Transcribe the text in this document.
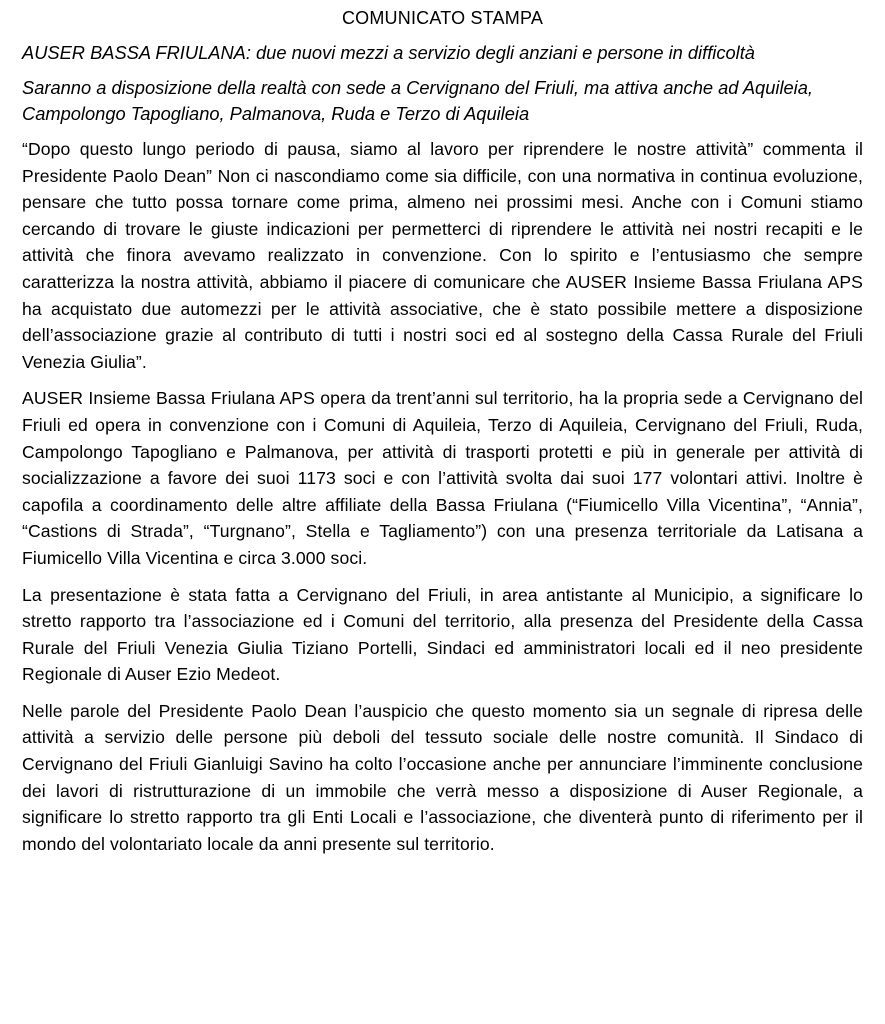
COMUNICATO STAMPA
AUSER BASSA FRIULANA: due nuovi mezzi a servizio degli anziani e persone in difficoltà
Saranno a disposizione della realtà con sede a Cervignano del Friuli, ma attiva anche ad Aquileia, Campolongo Tapogliano, Palmanova, Ruda e Terzo di Aquileia

“Dopo questo lungo periodo di pausa, siamo al lavoro per riprendere le nostre attività” commenta il Presidente Paolo Dean” Non ci nascondiamo come sia difficile, con una normativa in continua evoluzione, pensare che tutto possa tornare come prima, almeno nei prossimi mesi. Anche con i Comuni stiamo cercando di trovare le giuste indicazioni per permetterci di riprendere le attività nei nostri recapiti e le attività che finora avevamo realizzato in convenzione. Con lo spirito e l’entusiasmo che sempre caratterizza la nostra attività, abbiamo il piacere di comunicare che AUSER Insieme Bassa Friulana APS ha acquistato due automezzi per le attività associative, che è stato possibile mettere a disposizione dell’associazione grazie al contributo di tutti i nostri soci ed al sostegno della Cassa Rurale del Friuli Venezia Giulia”.

AUSER Insieme Bassa Friulana APS opera da trent’anni sul territorio, ha la propria sede a Cervignano del Friuli ed opera in convenzione con i Comuni di Aquileia, Terzo di Aquileia, Cervignano del Friuli, Ruda, Campolongo Tapogliano e Palmanova, per attività di trasporti protetti e più in generale per attività di socializzazione a favore dei suoi 1173 soci e con l’attività svolta dai suoi 177 volontari attivi. Inoltre è capofila a coordinamento delle altre affiliate della Bassa Friulana (“Fiumicello Villa Vicentina”, “Annia”, “Castions di Strada”, “Turgnano”, Stella e Tagliamento”) con una presenza territoriale da Latisana a Fiumicello Villa Vicentina e circa 3.000 soci.

La presentazione è stata fatta a Cervignano del Friuli, in area antistante al Municipio, a significare lo stretto rapporto tra l’associazione ed i Comuni del territorio, alla presenza del Presidente della Cassa Rurale del Friuli Venezia Giulia Tiziano Portelli, Sindaci ed amministratori locali ed il neo presidente Regionale di Auser Ezio Medeot.

Nelle parole del Presidente Paolo Dean l’auspicio che questo momento sia un segnale di ripresa delle attività a servizio delle persone più deboli del tessuto sociale delle nostre comunità. Il Sindaco di Cervignano del Friuli Gianluigi Savino ha colto l’occasione anche per annunciare l’imminente conclusione dei lavori di ristrutturazione di un immobile che verrà messo a disposizione di Auser Regionale, a significare lo stretto rapporto tra gli Enti Locali e l’associazione, che diventerà punto di riferimento per il mondo del volontariato locale da anni presente sul territorio.
